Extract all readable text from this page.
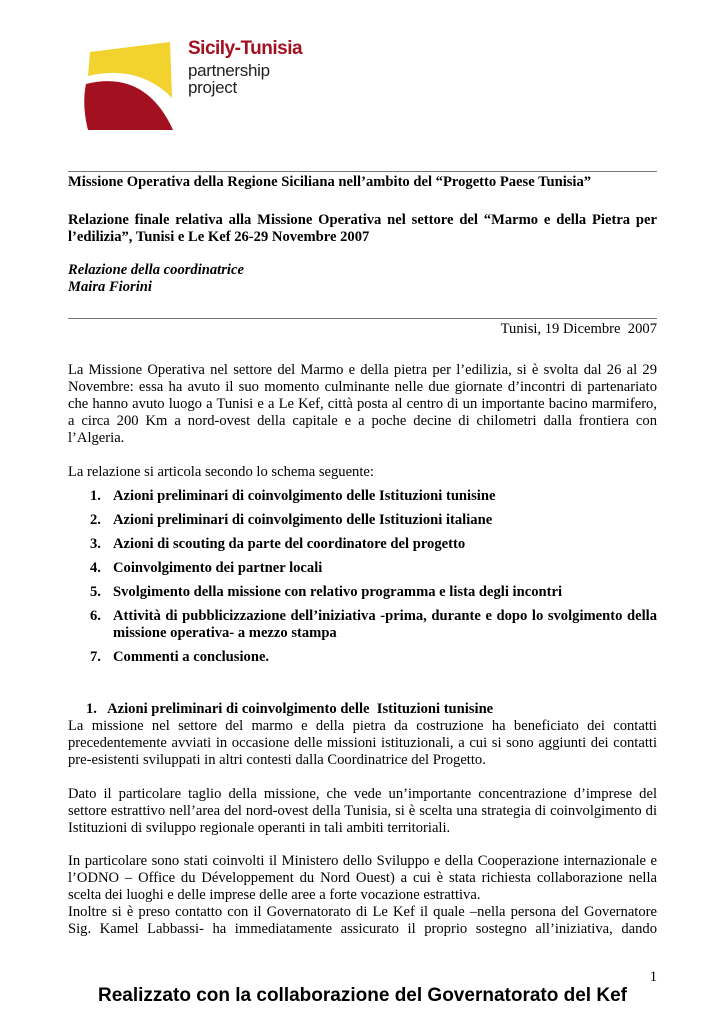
Sicily-Tunisia
partnership project
Missione Operativa della Regione Siciliana nell’ambito del “Progetto Paese Tunisia”
Relazione finale relativa alla Missione Operativa nel settore del “Marmo e della Pietra per l’edilizia”, Tunisi e Le Kef 26-29 Novembre 2007
Relazione della coordinatrice
Maira Fiorini
Tunisi, 19 Dicembre  2007
La Missione Operativa nel settore del Marmo e della pietra per l’edilizia, si è svolta dal 26 al 29 Novembre: essa ha avuto il suo momento culminante nelle due giornate d’incontri di partenariato che hanno avuto luogo a Tunisi e a Le Kef, città posta al centro di un importante bacino marmifero, a circa 200 Km a nord-ovest della capitale e a poche decine di chilometri dalla frontiera con l’Algeria.
La relazione si articola secondo lo schema seguente:
1. Azioni preliminari di coinvolgimento delle Istituzioni tunisine
2. Azioni preliminari di coinvolgimento delle Istituzioni italiane
3. Azioni di scouting da parte del coordinatore del progetto
4. Coinvolgimento dei partner locali
5. Svolgimento della missione con relativo programma e lista degli incontri
6. Attività di pubblicizzazione dell’iniziativa -prima, durante e dopo lo svolgimento della missione operativa- a mezzo stampa
7. Commenti a conclusione.
1.   Azioni preliminari di coinvolgimento delle  Istituzioni tunisine
La missione nel settore del marmo e della pietra da costruzione ha beneficiato dei contatti precedentemente avviati in occasione delle missioni istituzionali, a cui si sono aggiunti dei contatti pre-esistenti sviluppati in altri contesti dalla Coordinatrice del Progetto.
Dato il particolare taglio della missione, che vede un’importante concentrazione d’imprese del settore estrattivo nell’area del nord-ovest della Tunisia, si è scelta una strategia di coinvolgimento di Istituzioni di sviluppo regionale operanti in tali ambiti territoriali.
In particolare sono stati coinvolti il Ministero dello Sviluppo e della Cooperazione internazionale e l’ODNO – Office du Développement du Nord Ouest) a cui è stata richiesta collaborazione nella scelta dei luoghi e delle imprese delle aree a forte vocazione estrattiva.
Inoltre si è preso contatto con il Governatorato di Le Kef il quale –nella persona del Governatore Sig. Kamel Labbassi- ha immediatamente assicurato il proprio sostegno all’iniziativa, dando
1
Realizzato con la collaborazione del Governatorato del Kef
